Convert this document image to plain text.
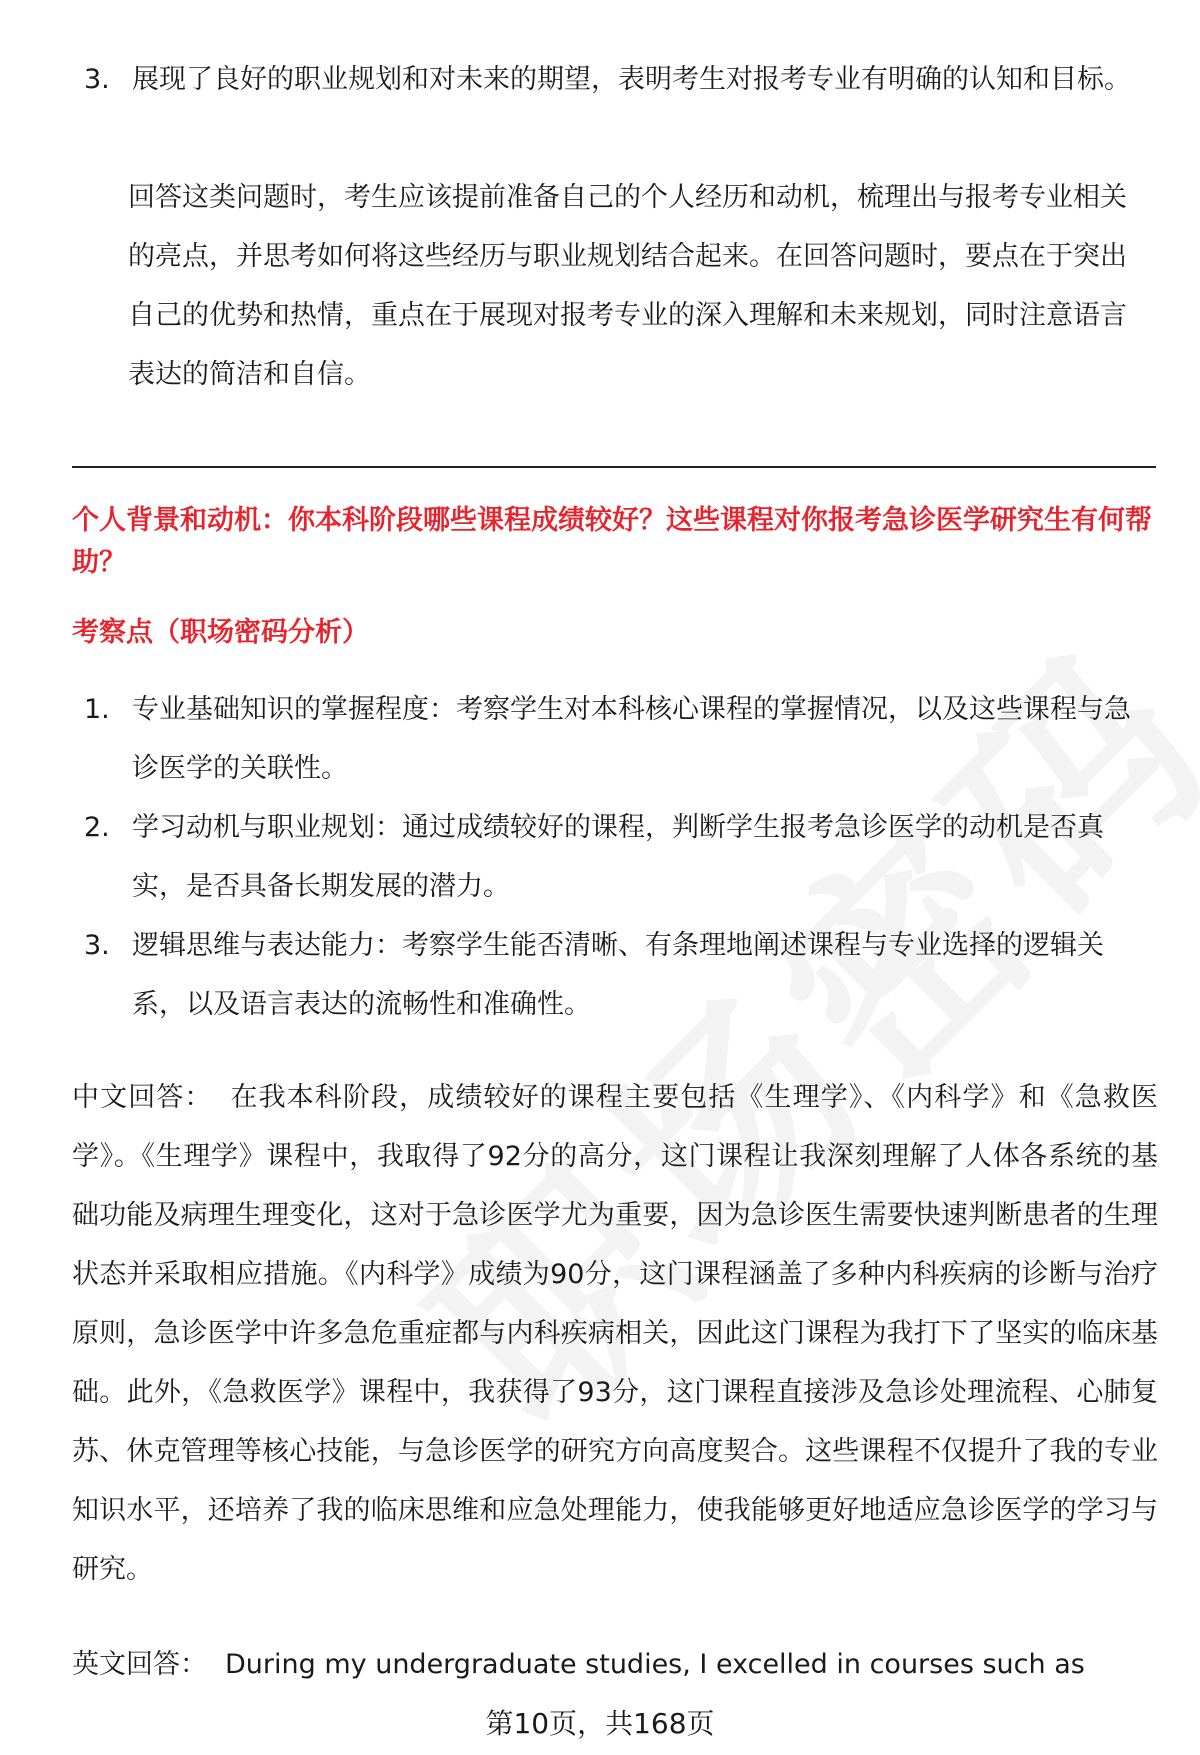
3. 展现了良好的职业规划和对未来的期望，表明考生对报考专业有明确的认知和目标。

回答这类问题时，考生应该提前准备自己的个人经历和动机，梳理出与报考专业相关的亮点，并思考如何将这些经历与职业规划结合起来。在回答问题时，要点在于突出自己的优势和热情，重点在于展现对报考专业的深入理解和未来规划，同时注意语言表达的简洁和自信。

个人背景和动机：你本科阶段哪些课程成绩较好？这些课程对你报考急诊医学研究生有何帮助？

考察点（职场密码分析）

1. 专业基础知识的掌握程度：考察学生对本科核心课程的掌握情况，以及这些课程与急诊医学的关联性。
2. 学习动机与职业规划：通过成绩较好的课程，判断学生报考急诊医学的动机是否真实，是否具备长期发展的潜力。
3. 逻辑思维与表达能力：考察学生能否清晰、有条理地阐述课程与专业选择的逻辑关系，以及语言表达的流畅性和准确性。

中文回答： 在我本科阶段，成绩较好的课程主要包括《生理学》、《内科学》和《急救医学》。《生理学》课程中，我取得了92分的高分，这门课程让我深刻理解了人体各系统的基础功能及病理生理变化，这对于急诊医学尤为重要，因为急诊医生需要快速判断患者的生理状态并采取相应措施。《内科学》成绩为90分，这门课程涵盖了多种内科疾病的诊断与治疗原则，急诊医学中许多急危重症都与内科疾病相关，因此这门课程为我打下了坚实的临床基础。此外，《急救医学》课程中，我获得了93分，这门课程直接涉及急诊处理流程、心肺复苏、休克管理等核心技能，与急诊医学的研究方向高度契合。这些课程不仅提升了我的专业知识水平，还培养了我的临床思维和应急处理能力，使我能够更好地适应急诊医学的学习与研究。

英文回答： During my undergraduate studies, I excelled in courses such as

第10页，共168页
